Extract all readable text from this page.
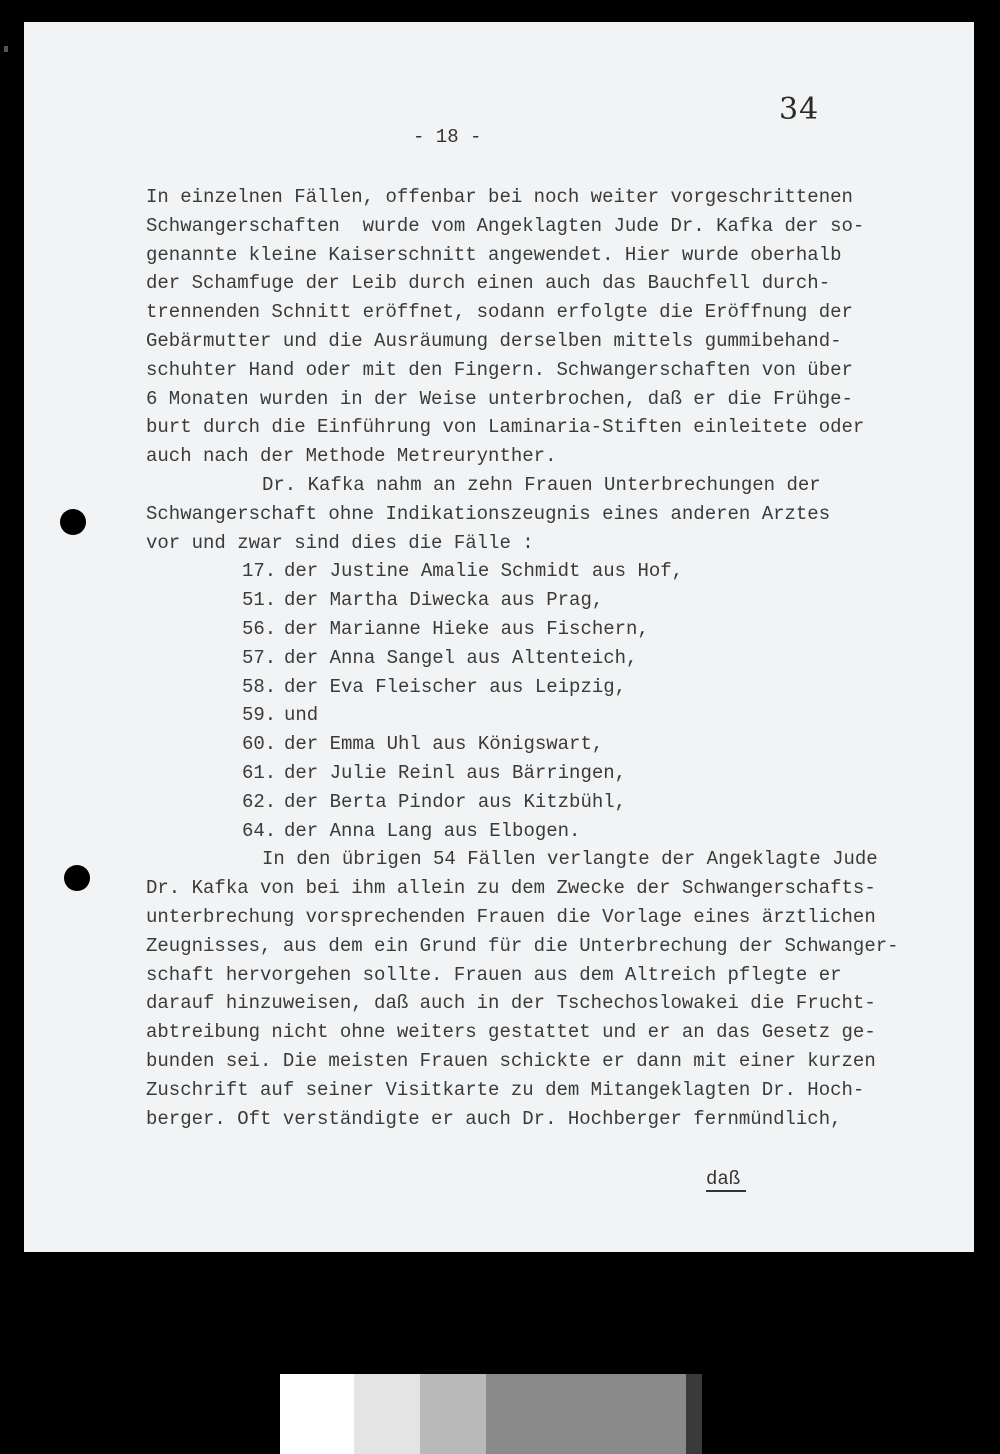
34
- 18 -
In einzelnen Fällen, offenbar bei noch weiter vorgeschrittenen
Schwangerschaften  wurde vom Angeklagten Jude Dr. Kafka der so-
genannte kleine Kaiserschnitt angewendet. Hier wurde oberhalb
der Schamfuge der Leib durch einen auch das Bauchfell durch-
trennenden Schnitt eröffnet, sodann erfolgte die Eröffnung der
Gebärmutter und die Ausräumung derselben mittels gummibehand-
schuhter Hand oder mit den Fingern. Schwangerschaften von über
6 Monaten wurden in der Weise unterbrochen, daß er die Frühge-
burt durch die Einführung von Laminaria-Stiften einleitete oder
auch nach der Methode Metreurynther.
Dr. Kafka nahm an zehn Frauen Unterbrechungen der
Schwangerschaft ohne Indikationszeugnis eines anderen Arztes
vor und zwar sind dies die Fälle :
17. der Justine Amalie Schmidt aus Hof,
51. der Martha Diwecka aus Prag,
56. der Marianne Hieke aus Fischern,
57. der Anna Sangel aus Altenteich,
58. der Eva Fleischer aus Leipzig,
59. und
60. der Emma Uhl aus Königswart,
61. der Julie Reinl aus Bärringen,
62. der Berta Pindor aus Kitzbühl,
64. der Anna Lang aus Elbogen.
In den übrigen 54 Fällen verlangte der Angeklagte Jude
Dr. Kafka von bei ihm allein zu dem Zwecke der Schwangerschafts-
unterbrechung vorsprechenden Frauen die Vorlage eines ärztlichen
Zeugnisses, aus dem ein Grund für die Unterbrechung der Schwanger-
schaft hervorgehen sollte. Frauen aus dem Altreich pflegte er
darauf hinzuweisen, daß auch in der Tschechoslowakei die Frucht-
abtreibung nicht ohne weiters gestattet und er an das Gesetz ge-
bunden sei. Die meisten Frauen schickte er dann mit einer kurzen
Zuschrift auf seiner Visitkarte zu dem Mitangeklagten Dr. Hoch-
berger. Oft verständigte er auch Dr. Hochberger fernmündlich,
daß
